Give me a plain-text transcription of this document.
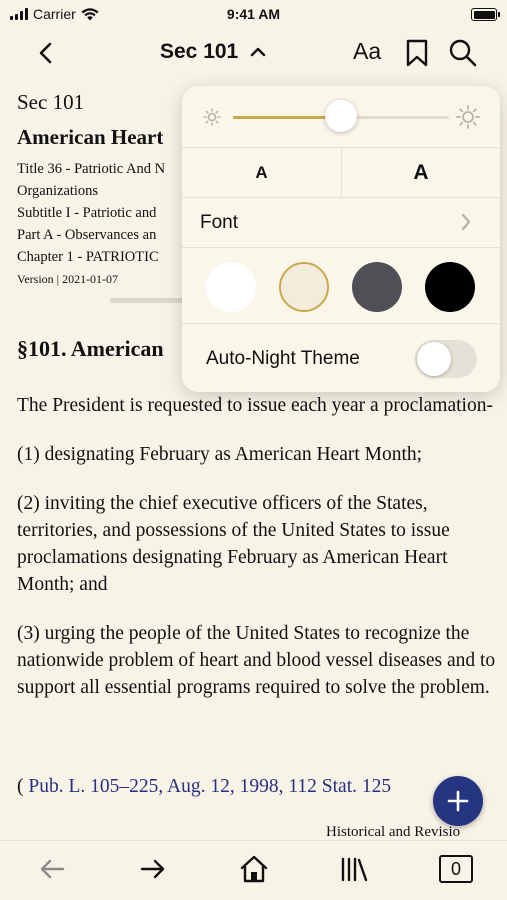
Carrier	9:41 AM
Sec 101	Aa
Sec 101
American Heart
Title 36 - Patriotic And N
Organizations
Subtitle I - Patriotic and
Part A - Observances an
Chapter 1 - PATRIOTIC
Version | 2021-01-07
§101. American

The President is requested to issue each year a proclamation-

(1) designating February as American Heart Month;

(2) inviting the chief executive officers of the States, territories, and possessions of the United States to issue proclamations designating February as American Heart Month; and

(3) urging the people of the United States to recognize the nationwide problem of heart and blood vessel diseases and to support all essential programs required to solve the problem.

( Pub. L. 105–225, Aug. 12, 1998, 112 Stat. 125
Historical and Revisio
0
A	A
Font
Auto-Night Theme
